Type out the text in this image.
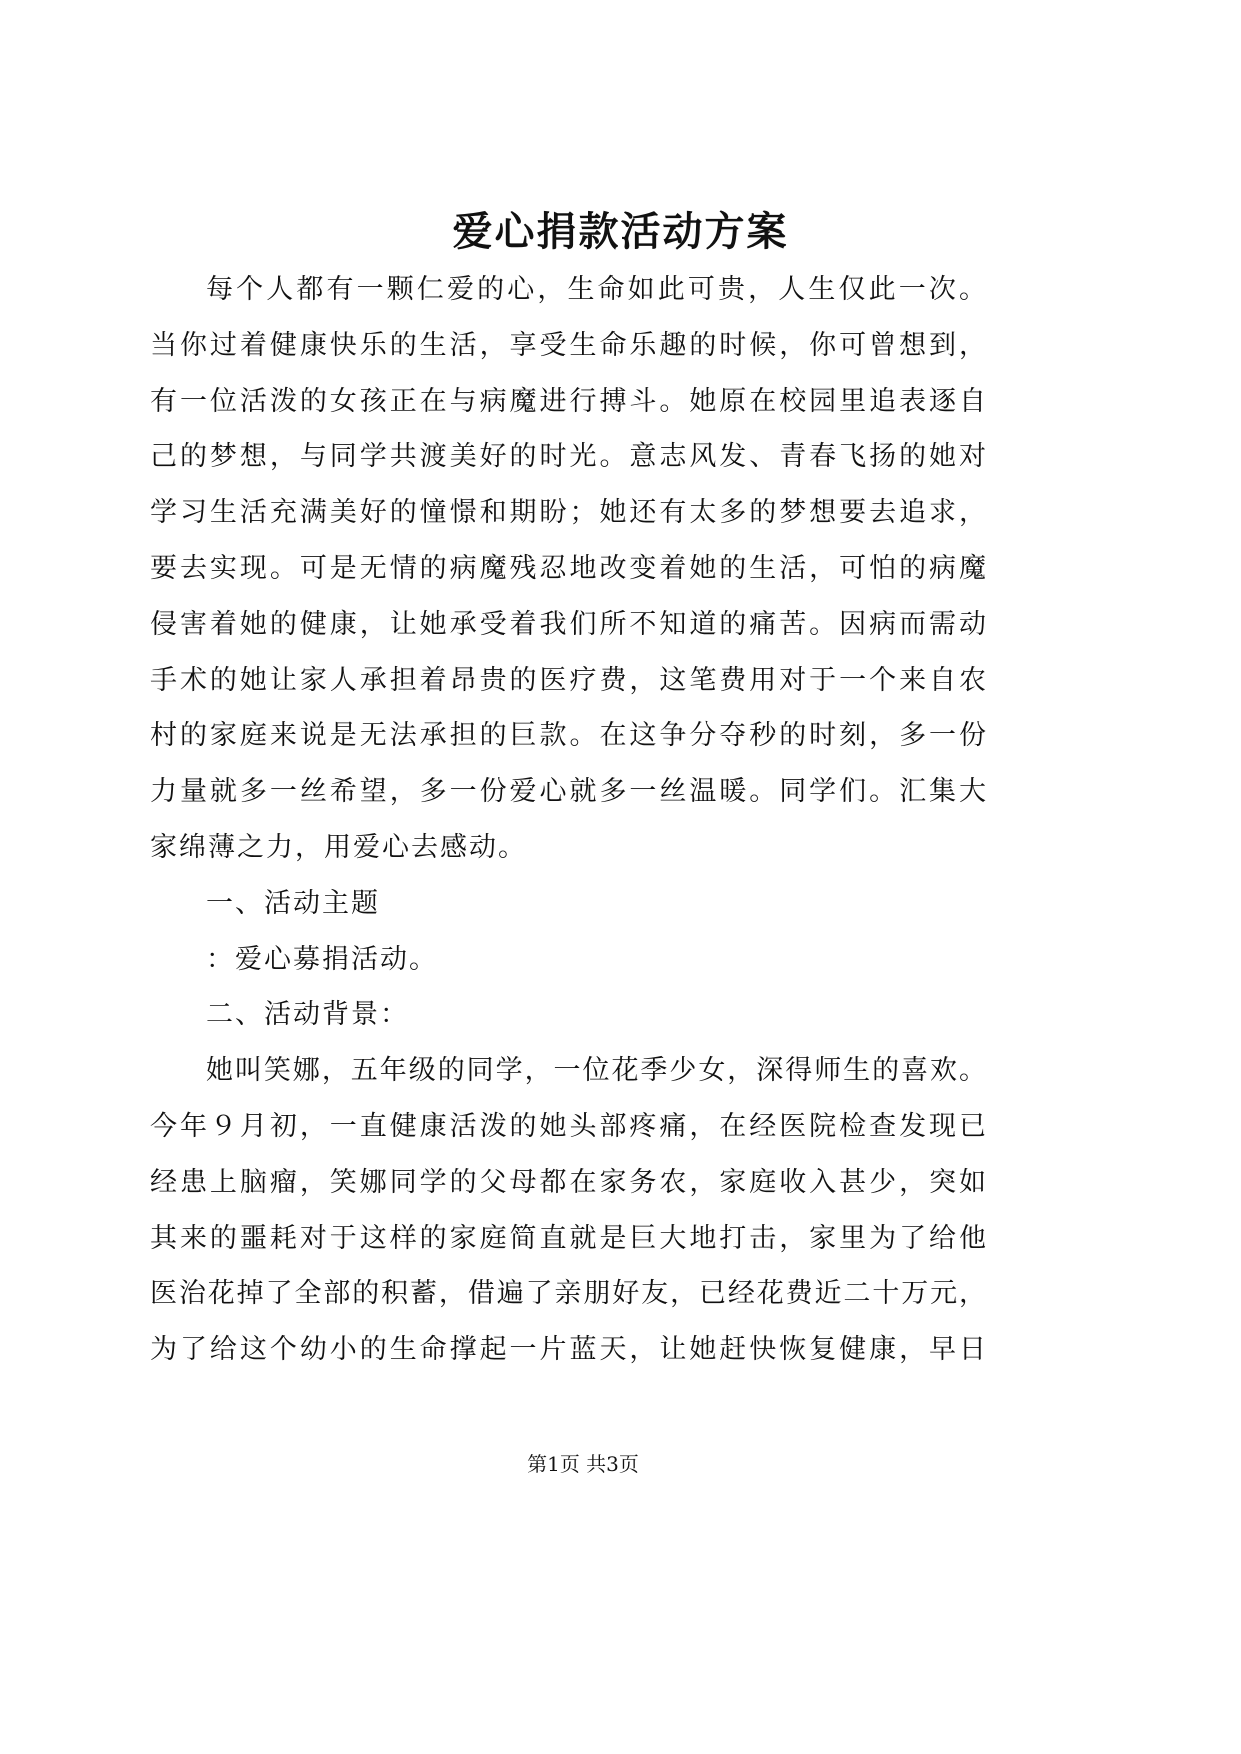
爱心捐款活动方案
每个人都有一颗仁爱的心，生命如此可贵，人生仅此一次。
当你过着健康快乐的生活，享受生命乐趣的时候，你可曾想到，
有一位活泼的女孩正在与病魔进行搏斗。她原在校园里追表逐自
己的梦想，与同学共渡美好的时光。意志风发、青春飞扬的她对
学习生活充满美好的憧憬和期盼；她还有太多的梦想要去追求，
要去实现。可是无情的病魔残忍地改变着她的生活，可怕的病魔
侵害着她的健康，让她承受着我们所不知道的痛苦。因病而需动
手术的她让家人承担着昂贵的医疗费，这笔费用对于一个来自农
村的家庭来说是无法承担的巨款。在这争分夺秒的时刻，多一份
力量就多一丝希望，多一份爱心就多一丝温暖。同学们。汇集大
家绵薄之力，用爱心去感动。
一、活动主题
：爱心募捐活动。
二、活动背景：
她叫笑娜，五年级的同学，一位花季少女，深得师生的喜欢。
今年９月初，一直健康活泼的她头部疼痛，在经医院检查发现已
经患上脑瘤，笑娜同学的父母都在家务农，家庭收入甚少，突如
其来的噩耗对于这样的家庭简直就是巨大地打击，家里为了给他
医治花掉了全部的积蓄，借遍了亲朋好友，已经花费近二十万元，
为了给这个幼小的生命撑起一片蓝天，让她赶快恢复健康，早日
第1页 共3页
